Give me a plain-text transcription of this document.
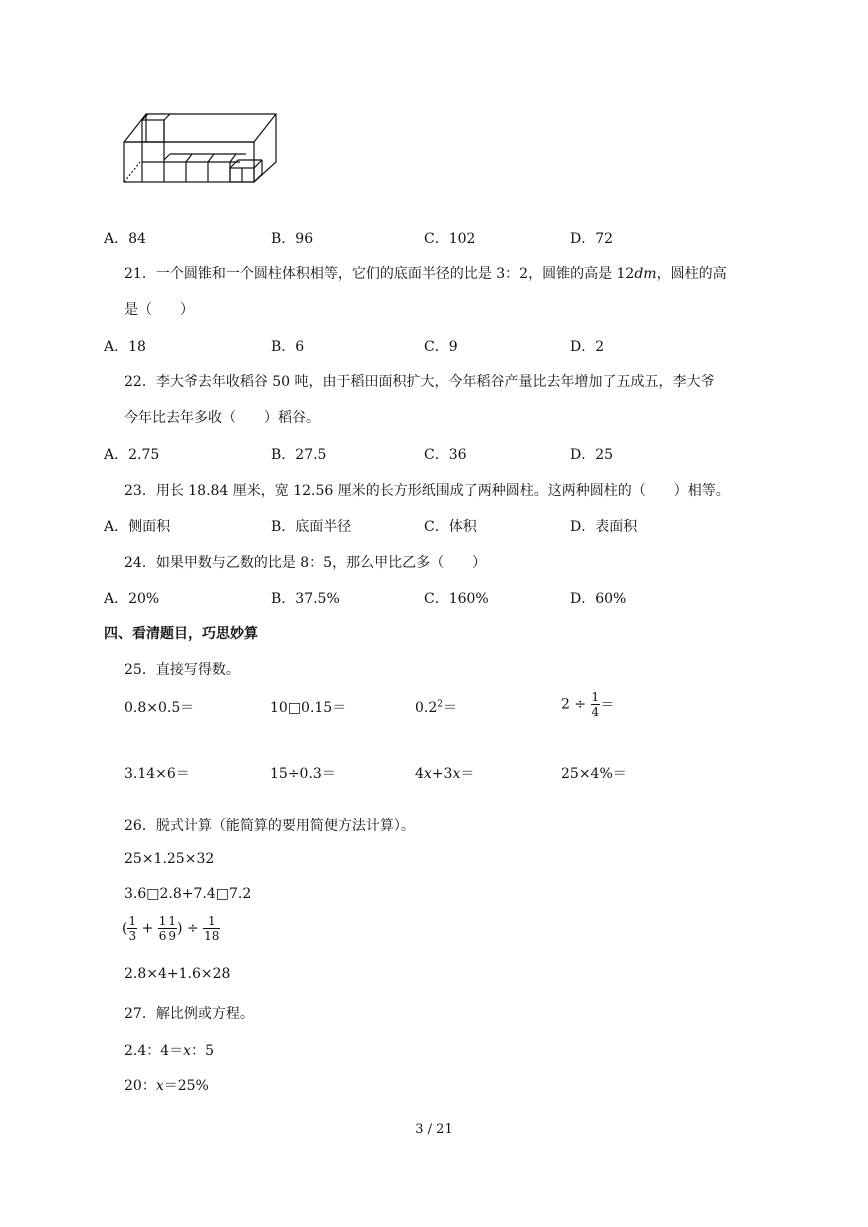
A．84	B．96	C．102	D．72
21．一个圆锥和一个圆柱体积相等，它们的底面半径的比是 3：2，圆锥的高是 12dm，圆柱的高
是（　　）
A．18	B．6	C．9	D．2
22．李大爷去年收稻谷 50 吨，由于稻田面积扩大，今年稻谷产量比去年增加了五成五，李大爷
今年比去年多收（　　）稻谷。
A．2.75	B．27.5	C．36	D．25
23．用长 18.84 厘米，宽 12.56 厘米的长方形纸围成了两种圆柱。这两种圆柱的（　　）相等。
A．侧面积	B．底面半径	C．体积	D．表面积
24．如果甲数与乙数的比是 8：5，那么甲比乙多（　　）
A．20%	B．37.5%	C．160%	D．60%
四、看清题目，巧思妙算
25．直接写得数。
0.8×0.5＝	10□0.15＝	$0.2^2=$	$2 \div \frac{1}{4}$ ＝
3.14×6＝	15÷0.3＝	4x+3x＝	25×4%＝
26．脱式计算（能简算的要用简便方法计算）。
25×1.25×32
3.6□2.8+7.4□7.2
( $\frac{1}{3} + \frac{1}{6} \frac{1}{9}$ ) ÷ $\frac{1}{18}$
2.8×4+1.6×28
27．解比例或方程。
2.4：4＝x：5
20：x＝25%
3 / 21
